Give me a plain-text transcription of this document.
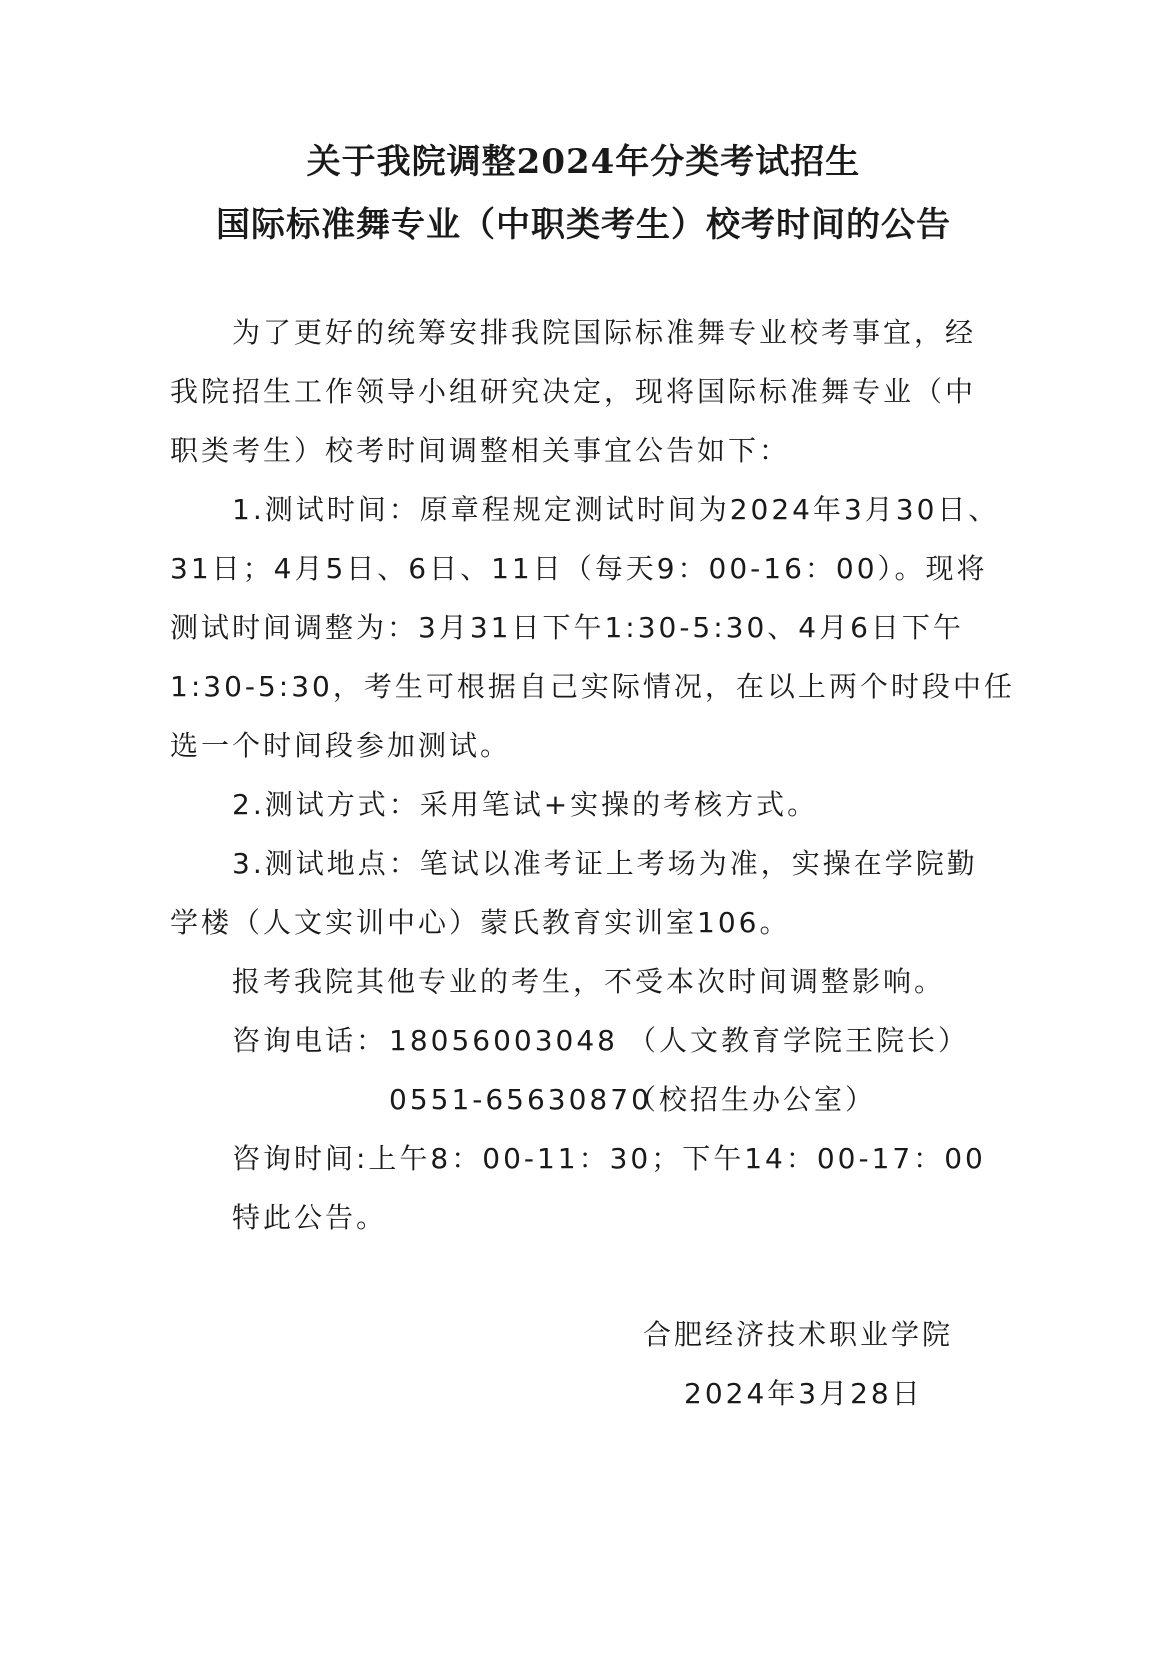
关于我院调整2024年分类考试招生
国际标准舞专业（中职类考生）校考时间的公告
为了更好的统筹安排我院国际标准舞专业校考事宜，经
我院招生工作领导小组研究决定，现将国际标准舞专业（中
职类考生）校考时间调整相关事宜公告如下：
1.测试时间：原章程规定测试时间为2024年3月30日、
31日；4月5日、6日、11日（每天9：00-16：00）。现将
测试时间调整为：3月31日下午1:30-5:30、4月6日下午
1:30-5:30，考生可根据自己实际情况，在以上两个时段中任
选一个时间段参加测试。
2.测试方式：采用笔试+实操的考核方式。
3.测试地点：笔试以准考证上考场为准，实操在学院勤
学楼（人文实训中心）蒙氏教育实训室106。
报考我院其他专业的考生，不受本次时间调整影响。
咨询电话： 18056003048 （人文教育学院王院长）
0551-65630870
（校招生办公室）
咨询时间:上午8：00-11：30；下午14：00-17：00
特此公告。
合肥经济技术职业学院
2024年3月28日
